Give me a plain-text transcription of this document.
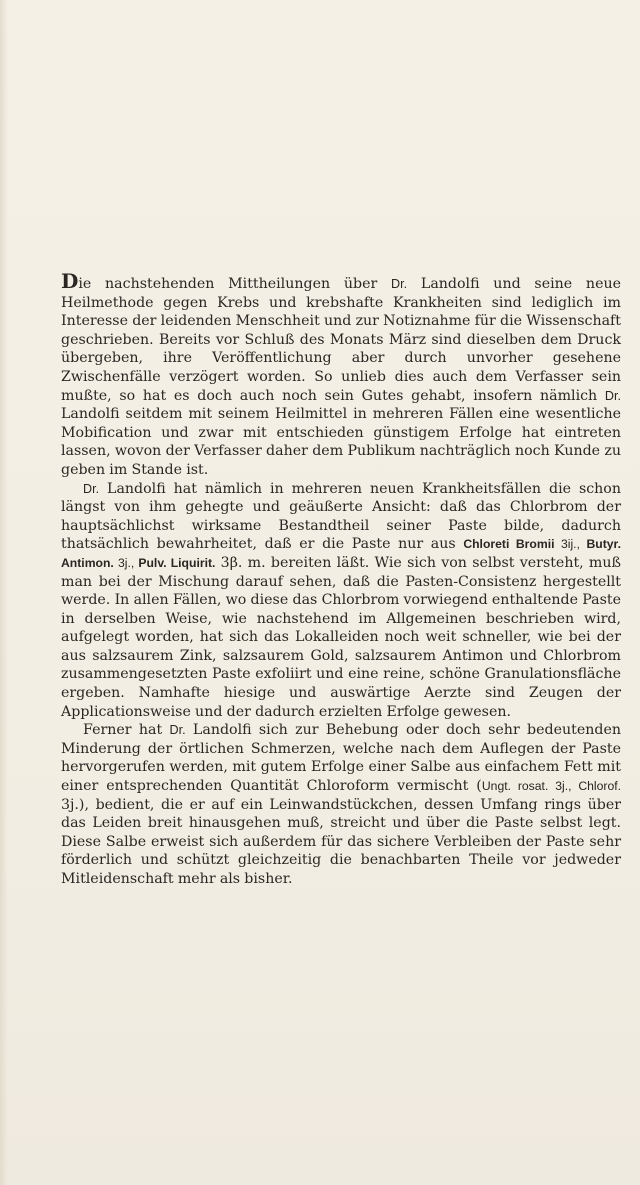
Die nachstehenden Mittheilungen über Dr. Landolfi und seine neue Heilmethode gegen Krebs und krebshafte Krankheiten sind lediglich im Interesse der leidenden Menschheit und zur Notiznahme für die Wissenschaft geschrieben. Bereits vor Schluß des Monats März sind dieselben dem Druck übergeben, ihre Veröffentlichung aber durch unvorher gesehene Zwischenfälle verzögert worden. So unlieb dies auch dem Verfasser sein mußte, so hat es doch auch noch sein Gutes gehabt, insofern nämlich Dr. Landolfi seitdem mit seinem Heilmittel in mehreren Fällen eine wesentliche Mobification und zwar mit entschieden günstigem Erfolge hat eintreten lassen, wovon der Verfasser daher dem Publikum nachträglich noch Kunde zu geben im Stande ist.

Dr. Landolfi hat nämlich in mehreren neuen Krankheitsfällen die schon längst von ihm gehegte und geäußerte Ansicht: daß das Chlorbrom der hauptsächlichst wirksame Bestandtheil seiner Paste bilde, dadurch thatsächlich bewahrheitet, daß er die Paste nur aus Chloreti Bromii 3ij., Butyr. Antimon. 3j., Pulv. Liquirit. 3β. m. bereiten läßt. Wie sich von selbst versteht, muß man bei der Mischung darauf sehen, daß die Pasten-Consistenz hergestellt werde. In allen Fällen, wo diese das Chlorbrom vorwiegend enthaltende Paste in derselben Weise, wie nachstehend im Allgemeinen beschrieben wird, aufgelegt worden, hat sich das Lokalleiden noch weit schneller, wie bei der aus salzsaurem Zink, salzsaurem Gold, salzsaurem Antimon und Chlorbrom zusammengesetzten Paste exfoliirt und eine reine, schöne Granulationsfläche ergeben. Namhafte hiesige und auswärtige Aerzte sind Zeugen der Applicationsweise und der dadurch erzielten Erfolge gewesen.

Ferner hat Dr. Landolfi sich zur Behebung oder doch sehr bedeutenden Minderung der örtlichen Schmerzen, welche nach dem Auflegen der Paste hervorgerufen werden, mit gutem Erfolge einer Salbe aus einfachem Fett mit einer entsprechenden Quantität Chloroform vermischt (Ungt. rosat. 3j., Chlorof. 3j.), bedient, die er auf ein Leinwandstückchen, dessen Umfang rings über das Leiden breit hinausgehen muß, streicht und über die Paste selbst legt. Diese Salbe erweist sich außerdem für das sichere Verbleiben der Paste sehr förderlich und schützt gleichzeitig die benachbarten Theile vor jedweder Mitleidenschaft mehr als bisher.
